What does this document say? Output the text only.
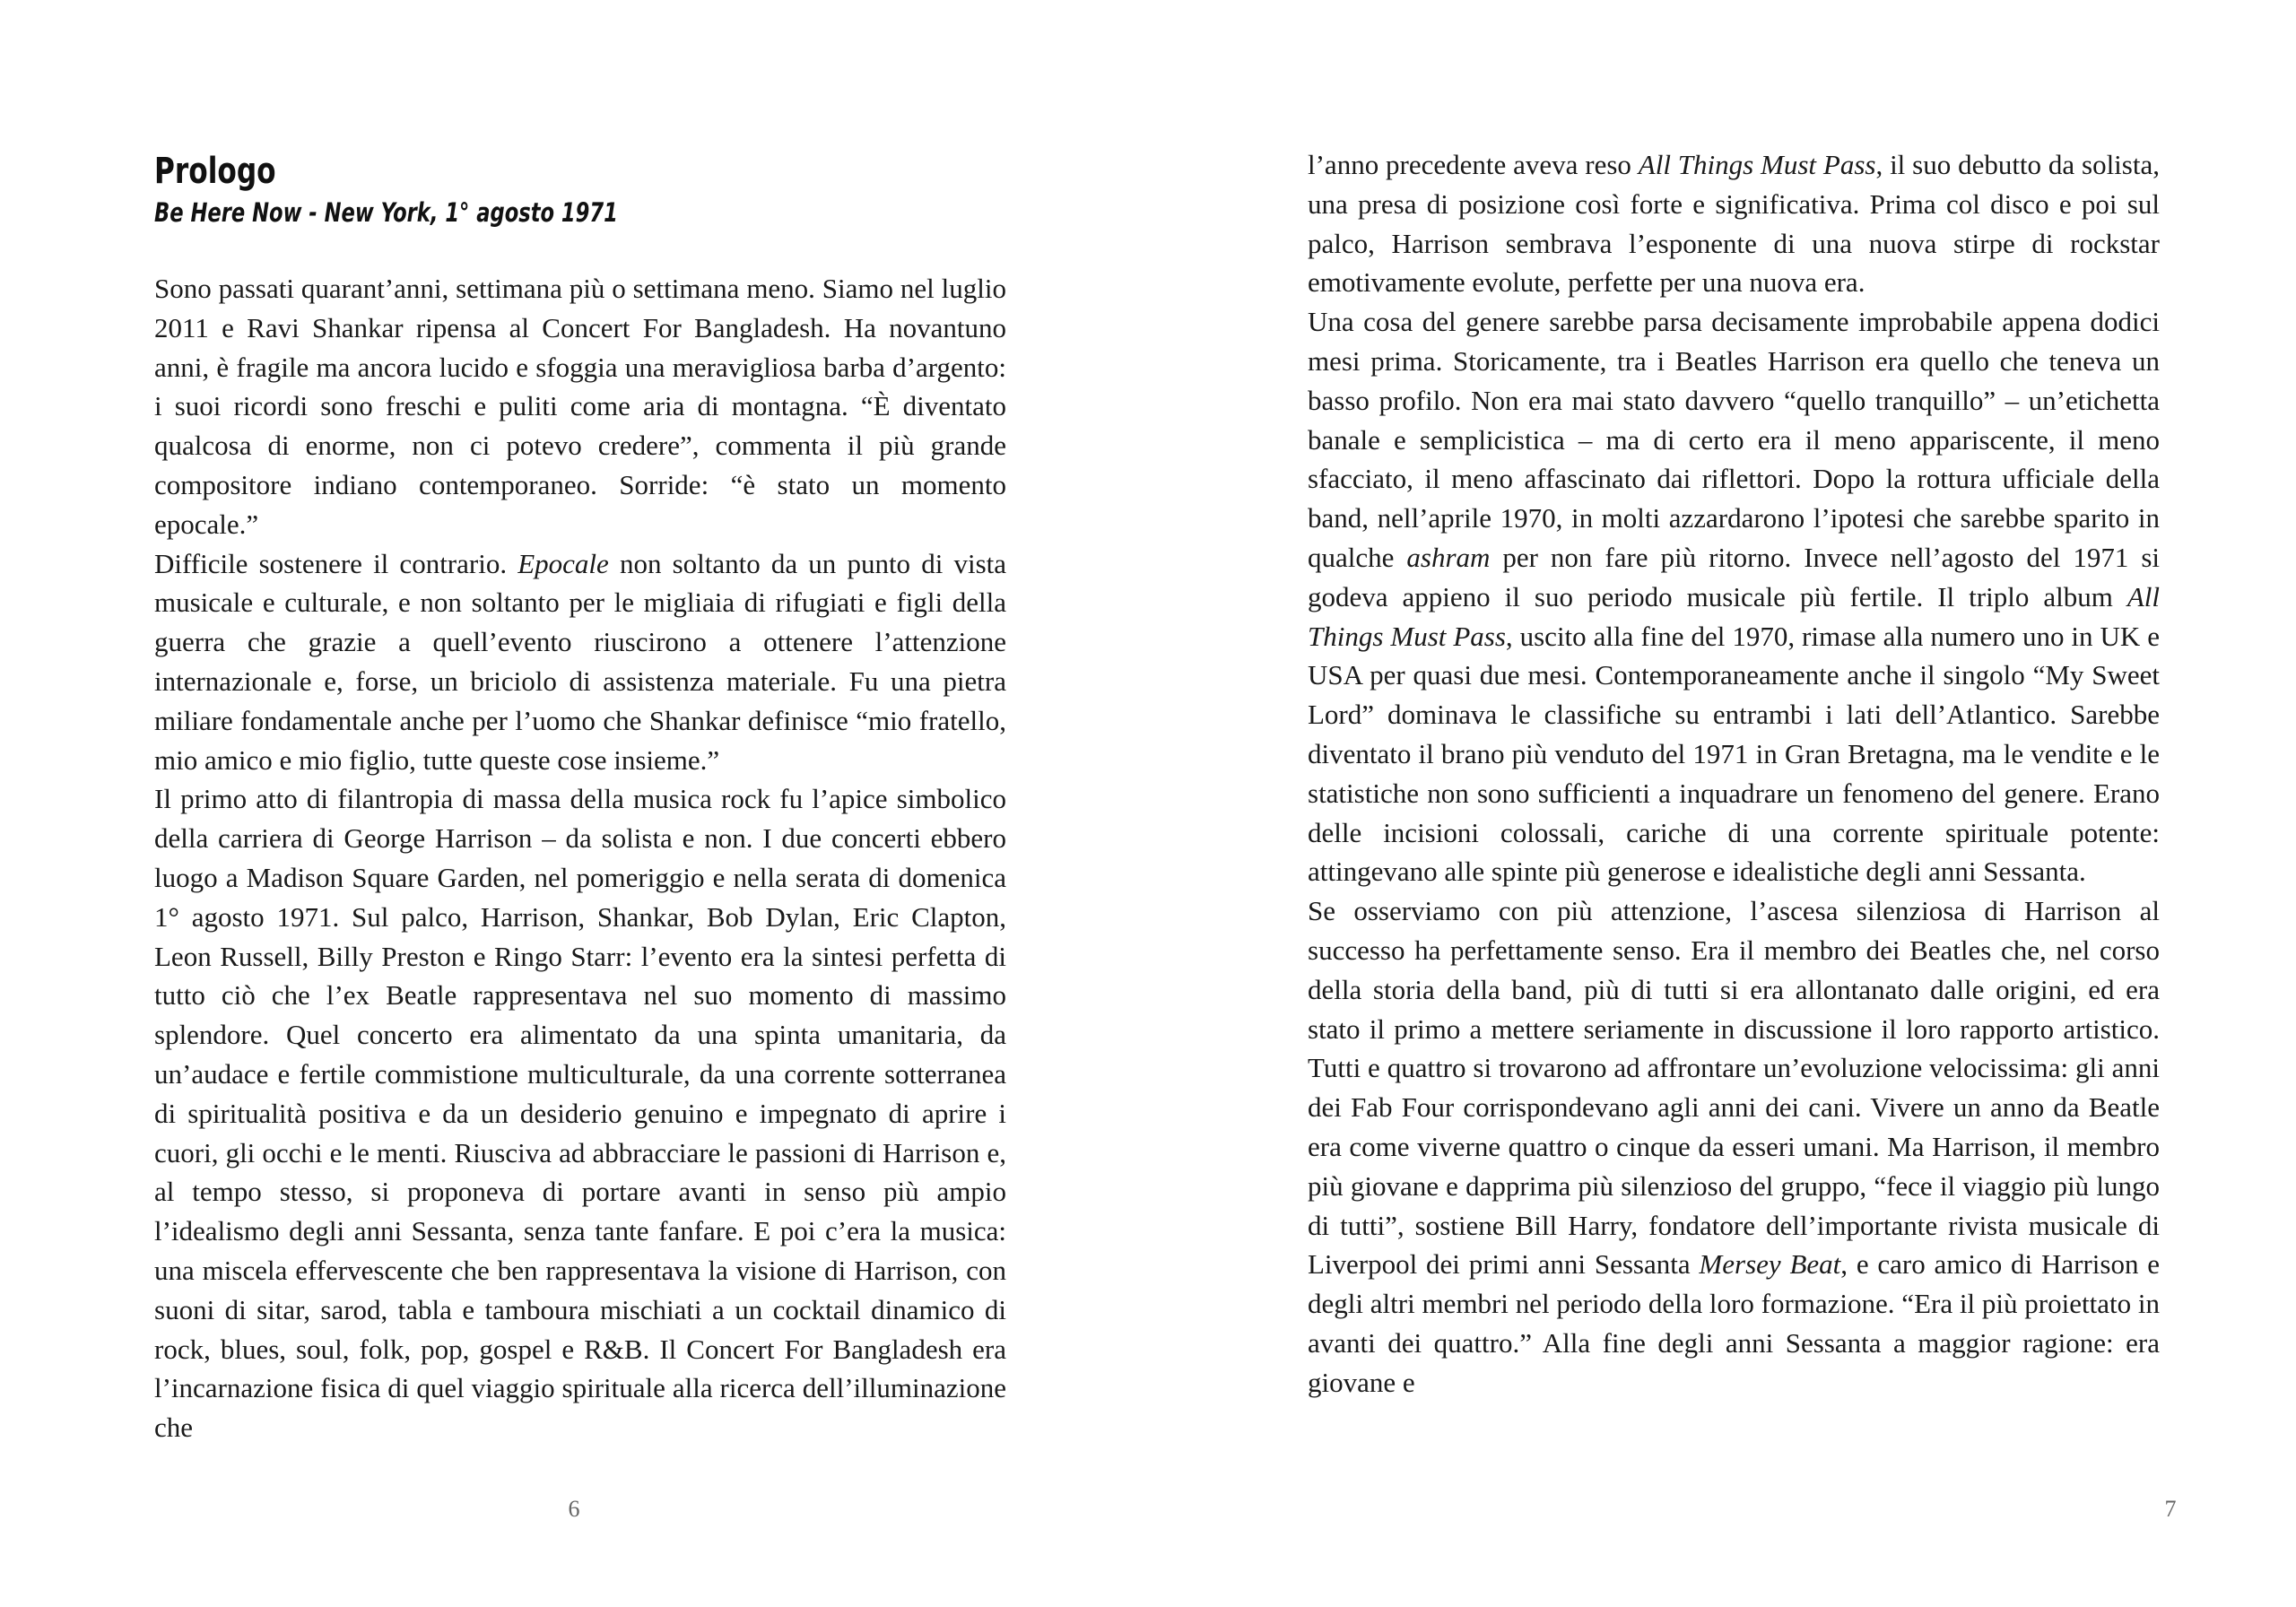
Prologo
Be Here Now - New York, 1° agosto 1971

Sono passati quarant’anni, settimana più o settimana meno. Siamo nel luglio 2011 e Ravi Shankar ripensa al Concert For Bangladesh. Ha novantuno anni, è fragile ma ancora lucido e sfoggia una meravigliosa barba d’argento: i suoi ricordi sono freschi e puliti come aria di montagna. “È diventato qualcosa di enorme, non ci potevo credere”, commenta il più grande compositore indiano contemporaneo. Sorride: “è stato un momento epocale.”

Difficile sostenere il contrario. Epocale non soltanto da un punto di vista musicale e culturale, e non soltanto per le migliaia di rifugiati e figli della guerra che grazie a quell’evento riuscirono a ottenere l’attenzione internazionale e, forse, un briciolo di assistenza materiale. Fu una pietra miliare fondamentale anche per l’uomo che Shankar definisce “mio fratello, mio amico e mio figlio, tutte queste cose insieme.”

Il primo atto di filantropia di massa della musica rock fu l’apice simbolico della carriera di George Harrison – da solista e non. I due concerti ebbero luogo a Madison Square Garden, nel pomeriggio e nella serata di domenica 1° agosto 1971. Sul palco, Harrison, Shankar, Bob Dylan, Eric Clapton, Leon Russell, Billy Preston e Ringo Starr: l’evento era la sintesi perfetta di tutto ciò che l’ex Beatle rappresentava nel suo momento di massimo splendore. Quel concerto era alimentato da una spinta umanitaria, da un’audace e fertile commistione multiculturale, da una corrente sotterranea di spiritualità positiva e da un desiderio genuino e impegnato di aprire i cuori, gli occhi e le menti. Riusciva ad abbracciare le passioni di Harrison e, al tempo stesso, si proponeva di portare avanti in senso più ampio l’idealismo degli anni Sessanta, senza tante fanfare. E poi c’era la musica: una miscela effervescente che ben rappresentava la visione di Harrison, con suoni di sitar, sarod, tabla e tamboura mischiati a un cocktail dinamico di rock, blues, soul, folk, pop, gospel e R&B. Il Concert For Bangladesh era l’incarnazione fisica di quel viaggio spirituale alla ricerca dell’illuminazione che

6

l’anno precedente aveva reso All Things Must Pass, il suo debutto da solista, una presa di posizione così forte e significativa. Prima col disco e poi sul palco, Harrison sembrava l’esponente di una nuova stirpe di rockstar emotivamente evolute, perfette per una nuova era.

Una cosa del genere sarebbe parsa decisamente improbabile appena dodici mesi prima. Storicamente, tra i Beatles Harrison era quello che teneva un basso profilo. Non era mai stato davvero “quello tranquillo” – un’etichetta banale e semplicistica – ma di certo era il meno appariscente, il meno sfacciato, il meno affascinato dai riflettori. Dopo la rottura ufficiale della band, nell’aprile 1970, in molti azzardarono l’ipotesi che sarebbe sparito in qualche ashram per non fare più ritorno. Invece nell’agosto del 1971 si godeva appieno il suo periodo musicale più fertile. Il triplo album All Things Must Pass, uscito alla fine del 1970, rimase alla numero uno in UK e USA per quasi due mesi. Contemporaneamente anche il singolo “My Sweet Lord” dominava le classifiche su entrambi i lati dell’Atlantico. Sarebbe diventato il brano più venduto del 1971 in Gran Bretagna, ma le vendite e le statistiche non sono sufficienti a inquadrare un fenomeno del genere. Erano delle incisioni colossali, cariche di una corrente spirituale potente: attingevano alle spinte più generose e idealistiche degli anni Sessanta.

Se osserviamo con più attenzione, l’ascesa silenziosa di Harrison al successo ha perfettamente senso. Era il membro dei Beatles che, nel corso della storia della band, più di tutti si era allontanato dalle origini, ed era stato il primo a mettere seriamente in discussione il loro rapporto artistico. Tutti e quattro si trovarono ad affrontare un’evoluzione velocissima: gli anni dei Fab Four corrispondevano agli anni dei cani. Vivere un anno da Beatle era come viverne quattro o cinque da esseri umani. Ma Harrison, il membro più giovane e dapprima più silenzioso del gruppo, “fece il viaggio più lungo di tutti”, sostiene Bill Harry, fondatore dell’importante rivista musicale di Liverpool dei primi anni Sessanta Mersey Beat, e caro amico di Harrison e degli altri membri nel periodo della loro formazione. “Era il più proiettato in avanti dei quattro.” Alla fine degli anni Sessanta a maggior ragione: era giovane e

7
